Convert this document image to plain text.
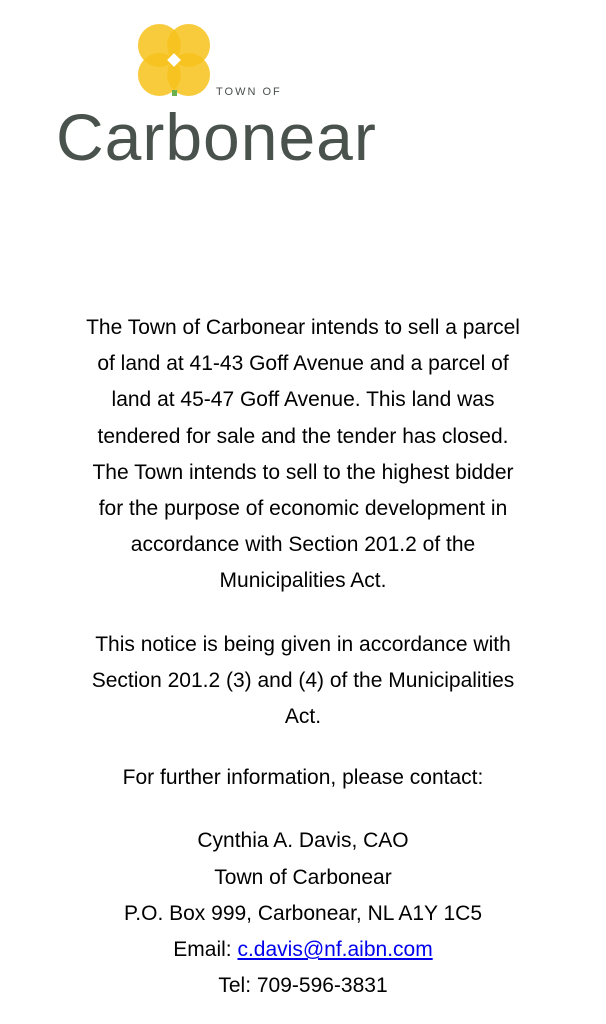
TOWN OF
Carbonear
The Town of Carbonear intends to sell a parcel
of land at 41-43 Goff Avenue and a parcel of
land at 45-47 Goff Avenue. This land was
tendered for sale and the tender has closed.
The Town intends to sell to the highest bidder
for the purpose of economic development in
accordance with Section 201.2 of the
Municipalities Act.
This notice is being given in accordance with
Section 201.2 (3) and (4) of the Municipalities
Act.
For further information, please contact:
Cynthia A. Davis, CAO
Town of Carbonear
P.O. Box 999, Carbonear, NL A1Y 1C5
Email: c.davis@nf.aibn.com
Tel: 709-596-3831
